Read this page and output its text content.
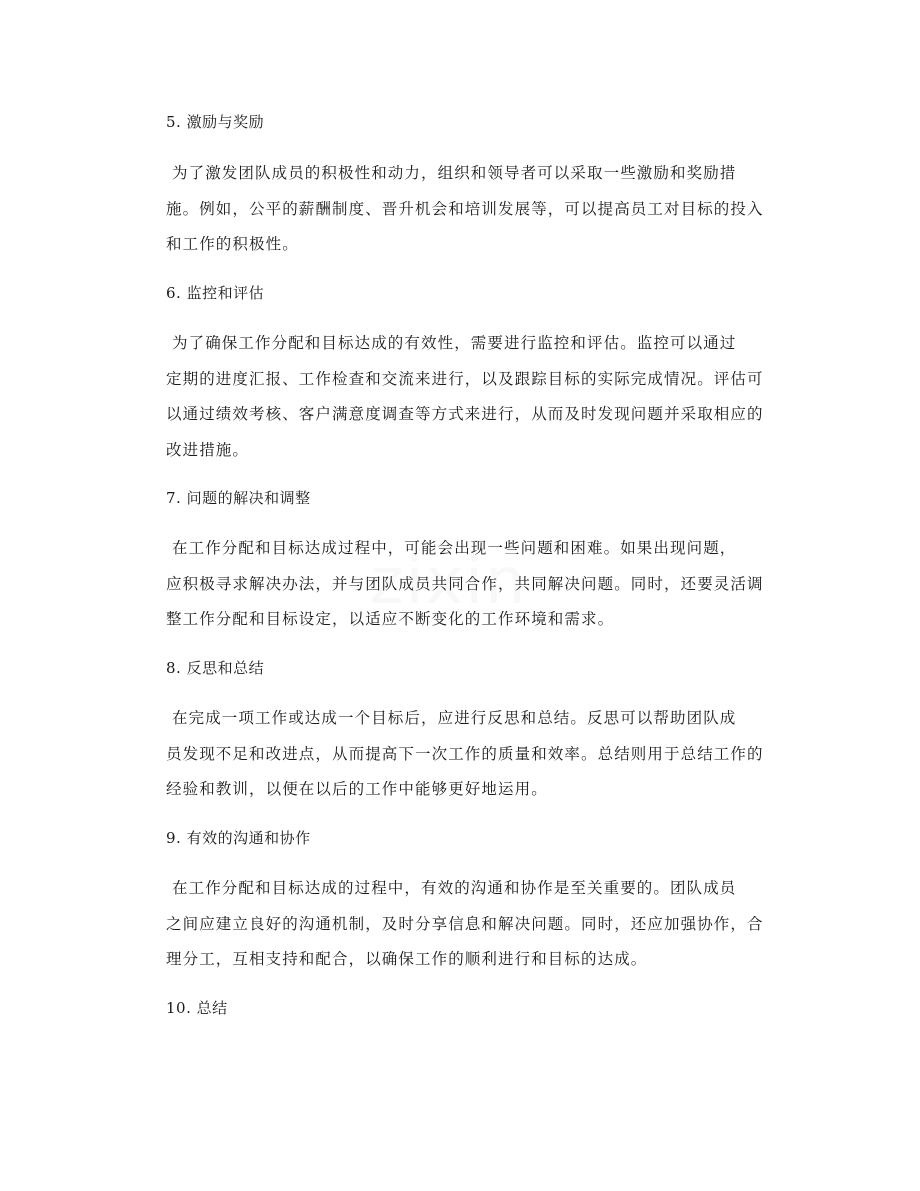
5. 激励与奖励
为了激发团队成员的积极性和动力，组织和领导者可以采取一些激励和奖励措
施。例如，公平的薪酬制度、晋升机会和培训发展等，可以提高员工对目标的投入
和工作的积极性。
6. 监控和评估
为了确保工作分配和目标达成的有效性，需要进行监控和评估。监控可以通过
定期的进度汇报、工作检查和交流来进行，以及跟踪目标的实际完成情况。评估可
以通过绩效考核、客户满意度调查等方式来进行，从而及时发现问题并采取相应的
改进措施。
7. 问题的解决和调整
在工作分配和目标达成过程中，可能会出现一些问题和困难。如果出现问题，
应积极寻求解决办法，并与团队成员共同合作，共同解决问题。同时，还要灵活调
整工作分配和目标设定，以适应不断变化的工作环境和需求。
8. 反思和总结
在完成一项工作或达成一个目标后，应进行反思和总结。反思可以帮助团队成
员发现不足和改进点，从而提高下一次工作的质量和效率。总结则用于总结工作的
经验和教训，以便在以后的工作中能够更好地运用。
9. 有效的沟通和协作
在工作分配和目标达成的过程中，有效的沟通和协作是至关重要的。团队成员
之间应建立良好的沟通机制，及时分享信息和解决问题。同时，还应加强协作，合
理分工，互相支持和配合，以确保工作的顺利进行和目标的达成。
10. 总结
zixin
